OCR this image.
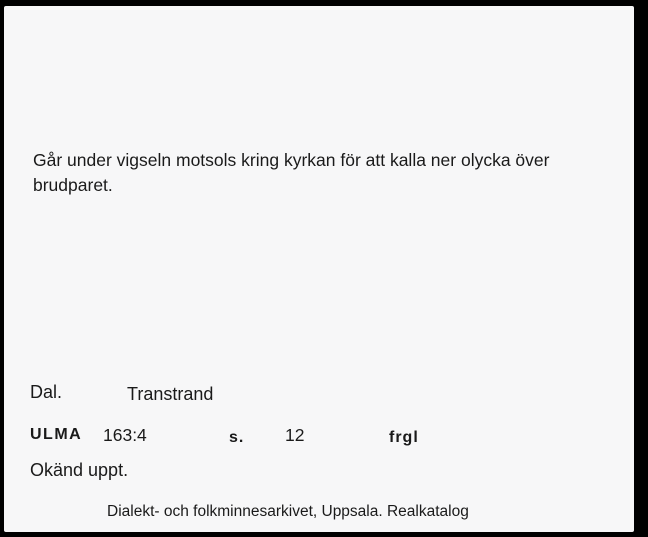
Går under vigseln motsols kring kyrkan för att kalla ner olycka över brudparet.
Dal.	Transtrand
ULMA 163:4	s. 12	frgl
Okänd uppt.
Dialekt- och folkminnesarkivet, Uppsala. Realkatalog
